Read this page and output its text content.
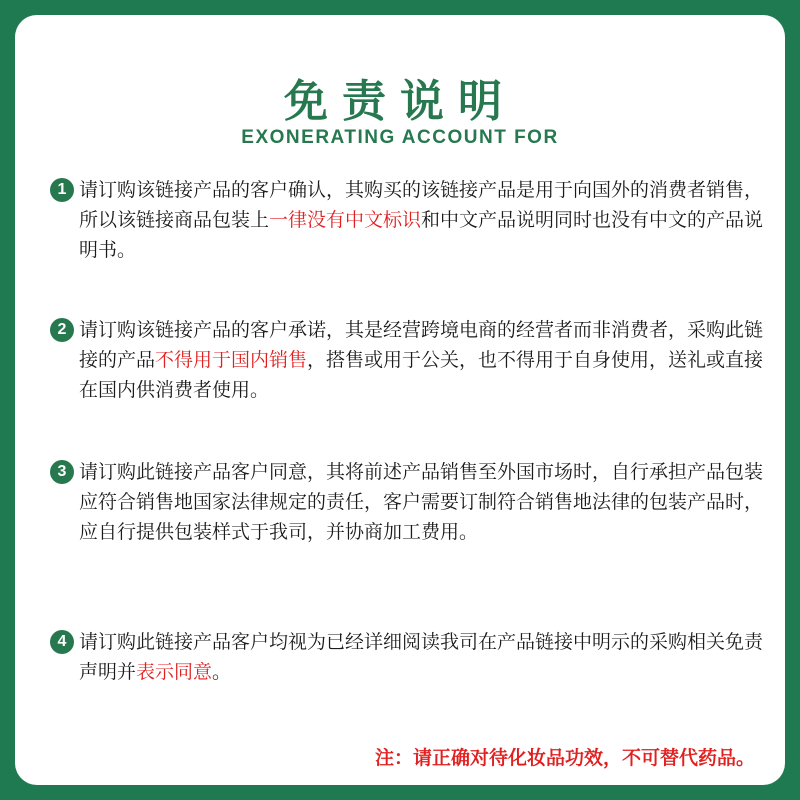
免责说明
EXONERATING ACCOUNT FOR
1 请订购该链接产品的客户确认，其购买的该链接产品是用于向国外的消费者销售，所以该链接商品包装上一律没有中文标识和中文产品说明同时也没有中文的产品说明书。
2 请订购该链接产品的客户承诺，其是经营跨境电商的经营者而非消费者，采购此链接的产品不得用于国内销售，搭售或用于公关，也不得用于自身使用，送礼或直接在国内供消费者使用。
3 请订购此链接产品客户同意，其将前述产品销售至外国市场时，自行承担产品包装应符合销售地国家法律规定的责任，客户需要订制符合销售地法律的包装产品时，应自行提供包装样式于我司，并协商加工费用。
4 请订购此链接产品客户均视为已经详细阅读我司在产品链接中明示的采购相关免责声明并表示同意。
注：请正确对待化妆品功效，不可替代药品。
